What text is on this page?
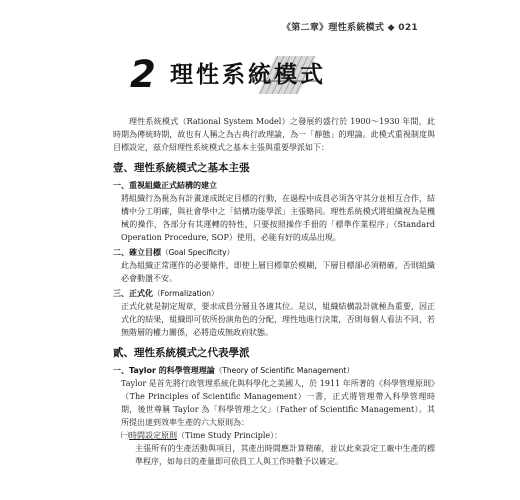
《第二章》理性系統模式 ◆ 021
2 理性系統模式

理性系統模式（Rational System Model）之發展約盛行於 1900～1930 年間，此時期為傳統時期，故也有人稱之為古典行政理論，為一「靜態」的理論。此模式重視制度與目標設定，茲介紹理性系統模式之基本主張與重要學派如下：

壹、理性系統模式之基本主張
一、重視組織正式結構的建立

將組織行為視為有計畫達成既定目標的行動，在過程中成員必須各守其分並相互合作，結構中分工明確，與社會學中之「結構功能學派」主張略同。理性系統模式將組織視為是機械的操作，各部分有其運轉的特性，只要按照操作手冊的「標準作業程序」（Standard Operation Procedure, SOP）使用，必能有好的成品出現。

二、確立目標（Goal Specificity）

此為組織正常運作的必要條件，即使上層目標靠於模糊，下層目標卻必須精確，否則組織必會動盪不安。

三、正式化（Formalization）

正式化就是制定規章，要求成員分層且各適其位。是以，組織結構設計就極為重要，因正式化的結果，組織即可依所扮演角色的分配，理性地進行決策，否則每個人看法不同，若無階層的權力關係，必將造成無政府狀態。

貳、理性系統模式之代表學派
一、Taylor 的科學管理理論（Theory of Scientific Management）

Taylor 是首先將行政管理系統化與科學化之美國人，於 1911 年所著的《科學管理原則》（The Principles of Scientific Management）一書，正式將管理帶入科學管理時期，後世尊稱 Taylor 為「科學管理之父」（Father of Scientific Management）。其所提出達到效率生產的六大原則為：

㈠時間設定原則（Time Study Principle）：

主張所有的生產活動與項目，其產出時間應計算精確，並以此來設定工廠中生產的標準程序，如每日的產量即可依員工人與工作時數予以確定。
